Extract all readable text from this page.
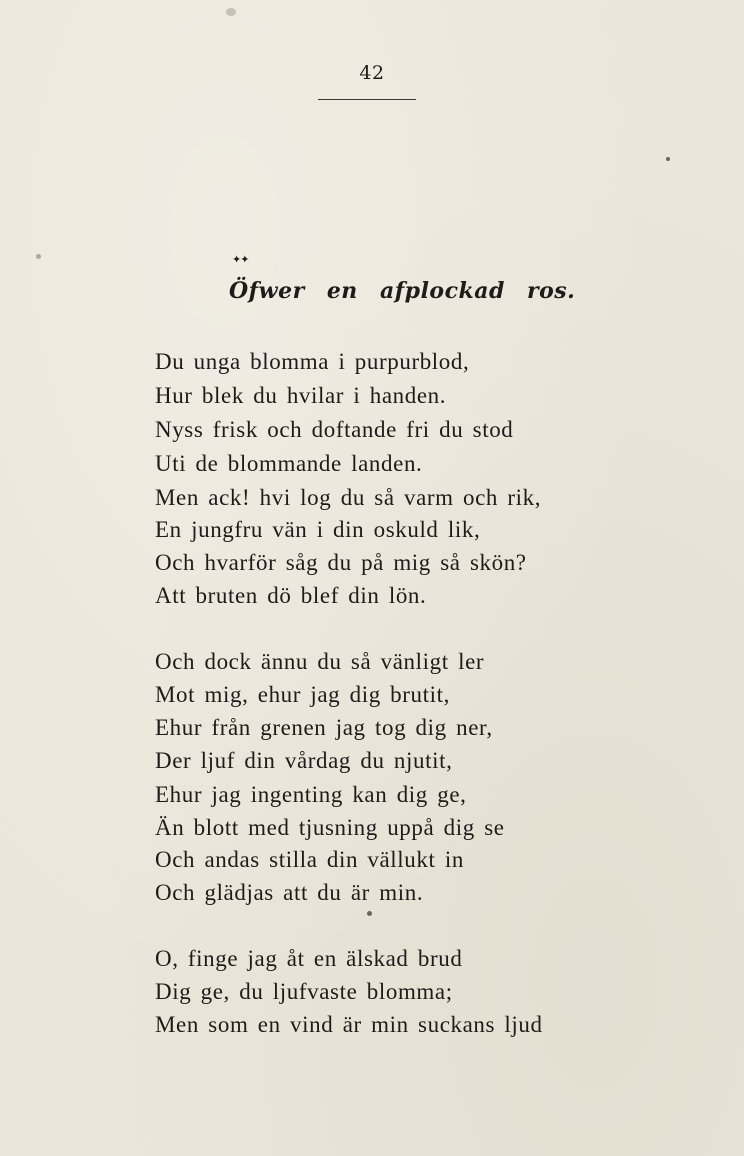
42
✦✦
Öfwer en afplockad ros.
Du unga blomma i purpurblod,
Hur blek du hvilar i handen.
Nyss frisk och doftande fri du stod
Uti de blommande landen.
Men ack! hvi log du så varm och rik,
En jungfru vän i din oskuld lik,
Och hvarför såg du på mig så skön?
Att bruten dö blef din lön.
Och dock ännu du så vänligt ler
Mot mig, ehur jag dig brutit,
Ehur från grenen jag tog dig ner,
Der ljuf din vårdag du njutit,
Ehur jag ingenting kan dig ge,
Än blott med tjusning uppå dig se
Och andas stilla din vällukt in
Och glädjas att du är min.
O, finge jag åt en älskad brud
Dig ge, du ljufvaste blomma;
Men som en vind är min suckans ljud
